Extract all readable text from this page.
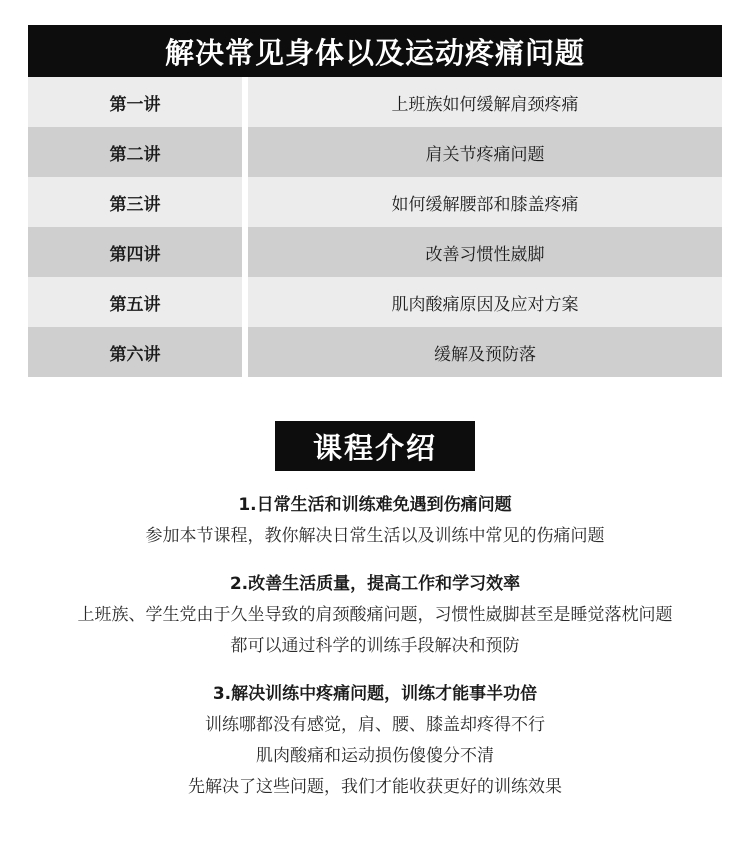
解决常见身体以及运动疼痛问题
第一讲	上班族如何缓解肩颈疼痛
第二讲	肩关节疼痛问题
第三讲	如何缓解腰部和膝盖疼痛
第四讲	改善习惯性崴脚
第五讲	肌肉酸痛原因及应对方案
第六讲	缓解及预防落
课程介绍
1.日常生活和训练难免遇到伤痛问题
参加本节课程，教你解决日常生活以及训练中常见的伤痛问题
2.改善生活质量，提高工作和学习效率
上班族、学生党由于久坐导致的肩颈酸痛问题，习惯性崴脚甚至是睡觉落枕问题
都可以通过科学的训练手段解决和预防
3.解决训练中疼痛问题，训练才能事半功倍
训练哪都没有感觉，肩、腰、膝盖却疼得不行
肌肉酸痛和运动损伤傻傻分不清
先解决了这些问题，我们才能收获更好的训练效果
